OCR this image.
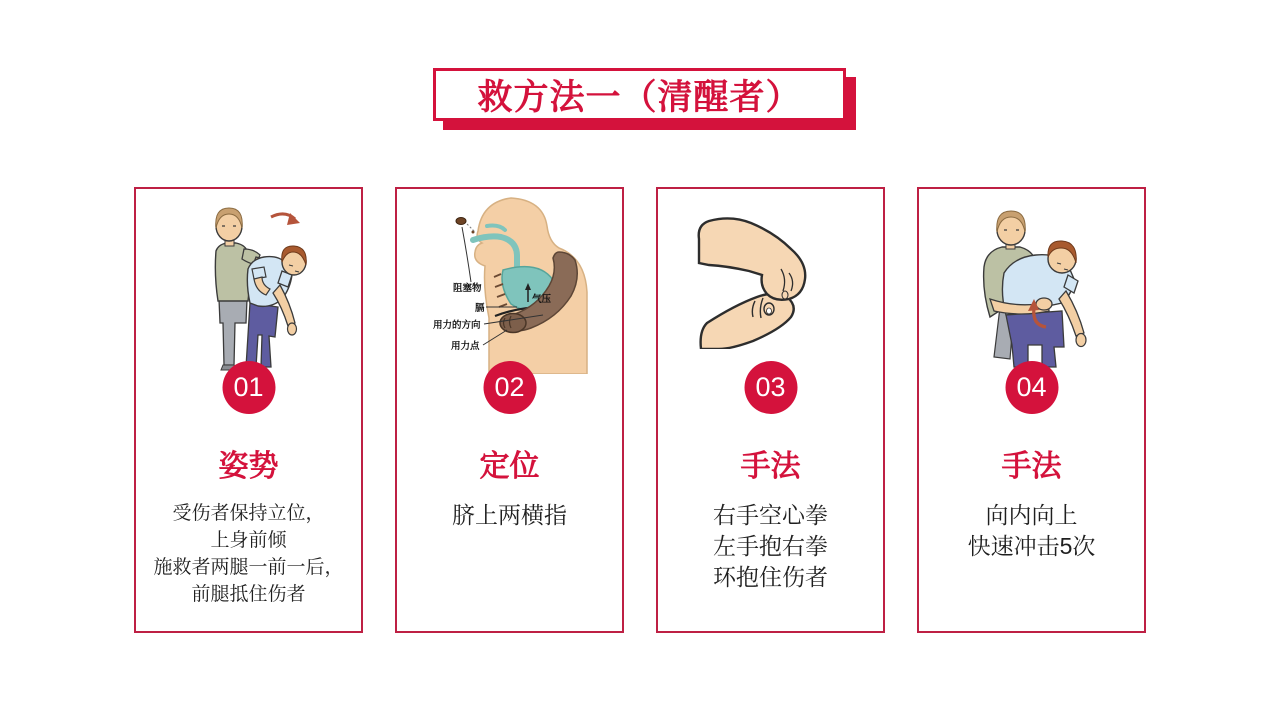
救方法一（清醒者）
01
姿势
受伤者保持立位，
上身前倾
施救者两腿一前一后，
前腿抵住伤者
阻塞物
气压
膈
用力的方向
用力点
02
定位
脐上两横指
03
手法
右手空心拳
左手抱右拳
环抱住伤者
04
手法
向内向上
快速冲击5次
